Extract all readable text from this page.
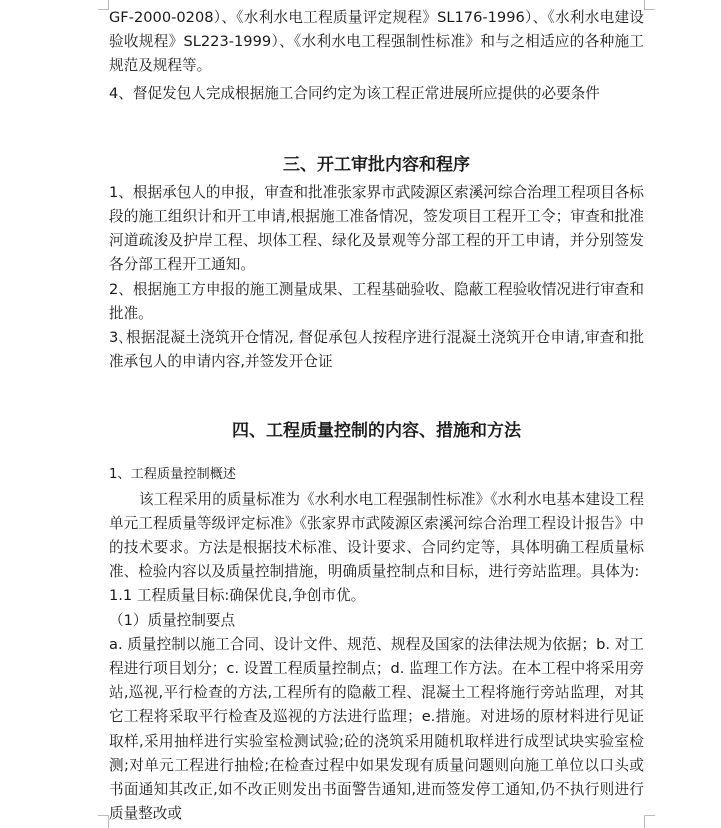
GF-2000-0208）、《水利水电工程质量评定规程》SL176-1996）、《水利水电建设验收规程》SL223-1999）、《水利水电工程强制性标准》和与之相适应的各种施工规范及规程等。

4、督促发包人完成根据施工合同约定为该工程正常进展所应提供的必要条件

三、开工审批内容和程序

1、根据承包人的申报，审查和批准张家界市武陵源区索溪河综合治理工程项目各标段的施工组织计和开工申请,根据施工准备情况，签发项目工程开工令；审查和批准河道疏浚及护岸工程、坝体工程、绿化及景观等分部工程的开工申请，并分别签发各分部工程开工通知。

2、根据施工方申报的施工测量成果、工程基础验收、隐蔽工程验收情况进行审查和批准。

3､根据混凝土浇筑开仓情况, 督促承包人按程序进行混凝土浇筑开仓申请,审查和批准承包人的申请内容,并签发开仓证

四、工程质量控制的内容、措施和方法

1、工程质量控制概述

该工程采用的质量标准为《水利水电工程强制性标准》《水利水电基本建设工程单元工程质量等级评定标准》《张家界市武陵源区索溪河综合治理工程设计报告》中的技术要求。方法是根据技术标准、设计要求、合同约定等，具体明确工程质量标准、检验内容以及质量控制措施，明确质量控制点和目标，进行旁站监理。具体为:

1.1 工程质量目标:确保优良,争创市优。

（1）质量控制要点

a. 质量控制以施工合同、设计文件、规范、规程及国家的法律法规为依据；b. 对工程进行项目划分；c. 设置工程质量控制点；d. 监理工作方法。在本工程中将采用旁站,巡视,平行检查的方法,工程所有的隐蔽工程、混凝土工程将施行旁站监理，对其它工程将采取平行检查及巡视的方法进行监理；e.措施。对进场的原材料进行见证取样,采用抽样进行实验室检测试验;砼的浇筑采用随机取样进行成型试块实验室检测;对单元工程进行抽检;在检查过程中如果发现有质量问题则向施工单位以口头或书面通知其改正,如不改正则发出书面警告通知,进而签发停工通知,仍不执行则进行质量整改或
